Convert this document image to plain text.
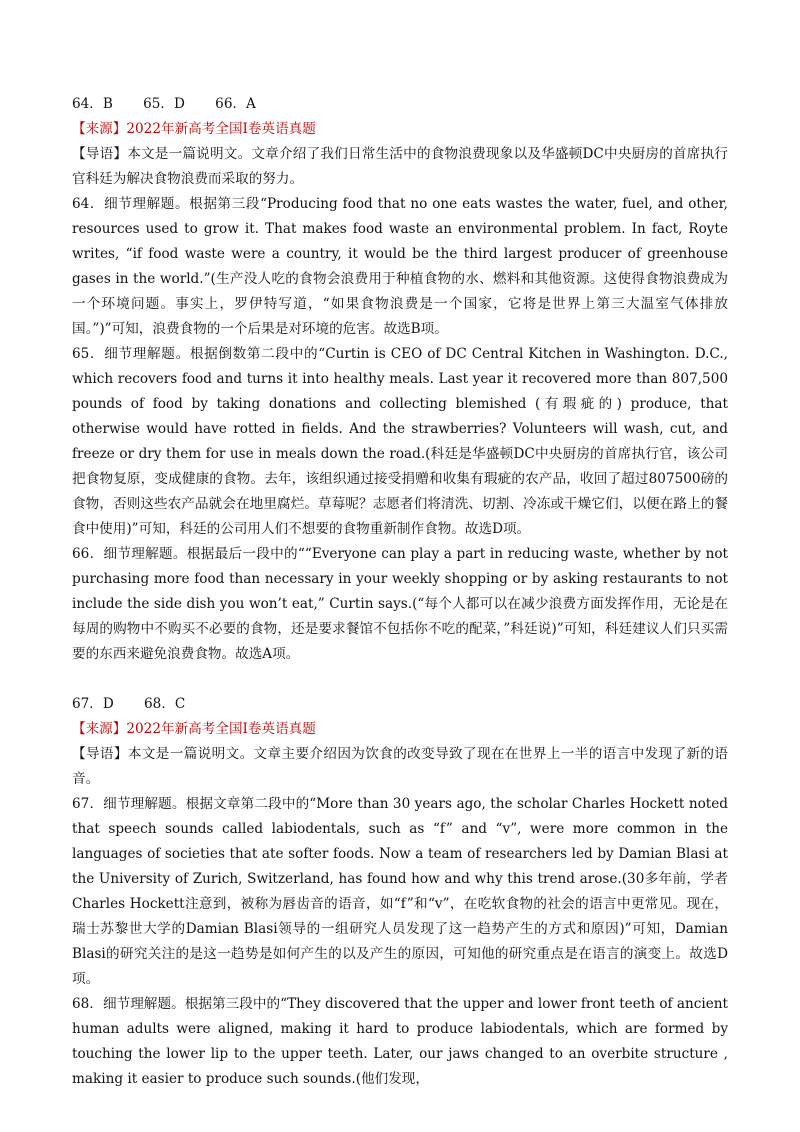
64．B       65．D       66．A

【来源】2022年新高考全国Ⅰ卷英语真题

【导语】本文是一篇说明文。文章介绍了我们日常生活中的食物浪费现象以及华盛顿DC中央厨房的首席执行官科廷为解决食物浪费而采取的努力。

64．细节理解题。根据第三段“Producing food that no one eats wastes the water, fuel, and other, resources used to grow it. That makes food waste an environmental problem. In fact, Royte writes, “if food waste were a country, it would be the third largest producer of greenhouse gases in the world.”(生产没人吃的食物会浪费用于种植食物的水、燃料和其他资源。这使得食物浪费成为一个环境问题。事实上，罗伊特写道，“如果食物浪费是一个国家，它将是世界上第三大温室气体排放国。”)”可知，浪费食物的一个后果是对环境的危害。故选B项。

65．细节理解题。根据倒数第二段中的“Curtin is CEO of DC Central Kitchen in Washington. D.C., which recovers food and turns it into healthy meals. Last year it recovered more than 807,500 pounds of food by taking donations and collecting blemished (有瑕疵的) produce, that otherwise would have rotted in fields. And the strawberries? Volunteers will wash, cut, and freeze or dry them for use in meals down the road.(科廷是华盛顿DC中央厨房的首席执行官，该公司把食物复原，变成健康的食物。去年，该组织通过接受捐赠和收集有瑕疵的农产品，收回了超过807500磅的食物，否则这些农产品就会在地里腐烂。草莓呢？志愿者们将清洗、切割、冷冻或干燥它们，以便在路上的餐食中使用)”可知，科廷的公司用人们不想要的食物重新制作食物。故选D项。

66．细节理解题。根据最后一段中的““Everyone can play a part in reducing waste, whether by not purchasing more food than necessary in your weekly shopping or by asking restaurants to not include the side dish you won’t eat,” Curtin says.(“每个人都可以在减少浪费方面发挥作用，无论是在每周的购物中不购买不必要的食物，还是要求餐馆不包括你不吃的配菜，”科廷说)”可知，科廷建议人们只买需要的东西来避免浪费食物。故选A项。

67．D       68．C

【来源】2022年新高考全国Ⅰ卷英语真题

【导语】本文是一篇说明文。文章主要介绍因为饮食的改变导致了现在在世界上一半的语言中发现了新的语音。

67．细节理解题。根据文章第二段中的“More than 30 years ago, the scholar Charles Hockett noted that speech sounds called labiodentals, such as “f” and “v”, were more common in the languages of societies that ate softer foods. Now a team of researchers led by Damian Blasi at the University of Zurich, Switzerland, has found how and why this trend arose.(30多年前，学者Charles Hockett注意到，被称为唇齿音的语音，如“f”和“v”，在吃软食物的社会的语言中更常见。现在，瑞士苏黎世大学的Damian Blasi领导的一组研究人员发现了这一趋势产生的方式和原因)”可知，Damian Blasi的研究关注的是这一趋势是如何产生的以及产生的原因，可知他的研究重点是在语言的演变上。故选D项。

68．细节理解题。根据第三段中的“They discovered that the upper and lower front teeth of ancient human adults were aligned, making it hard to produce labiodentals, which are formed by touching the lower lip to the upper teeth. Later, our jaws changed to an overbite structure , making it easier to produce such sounds.(他们发现，
